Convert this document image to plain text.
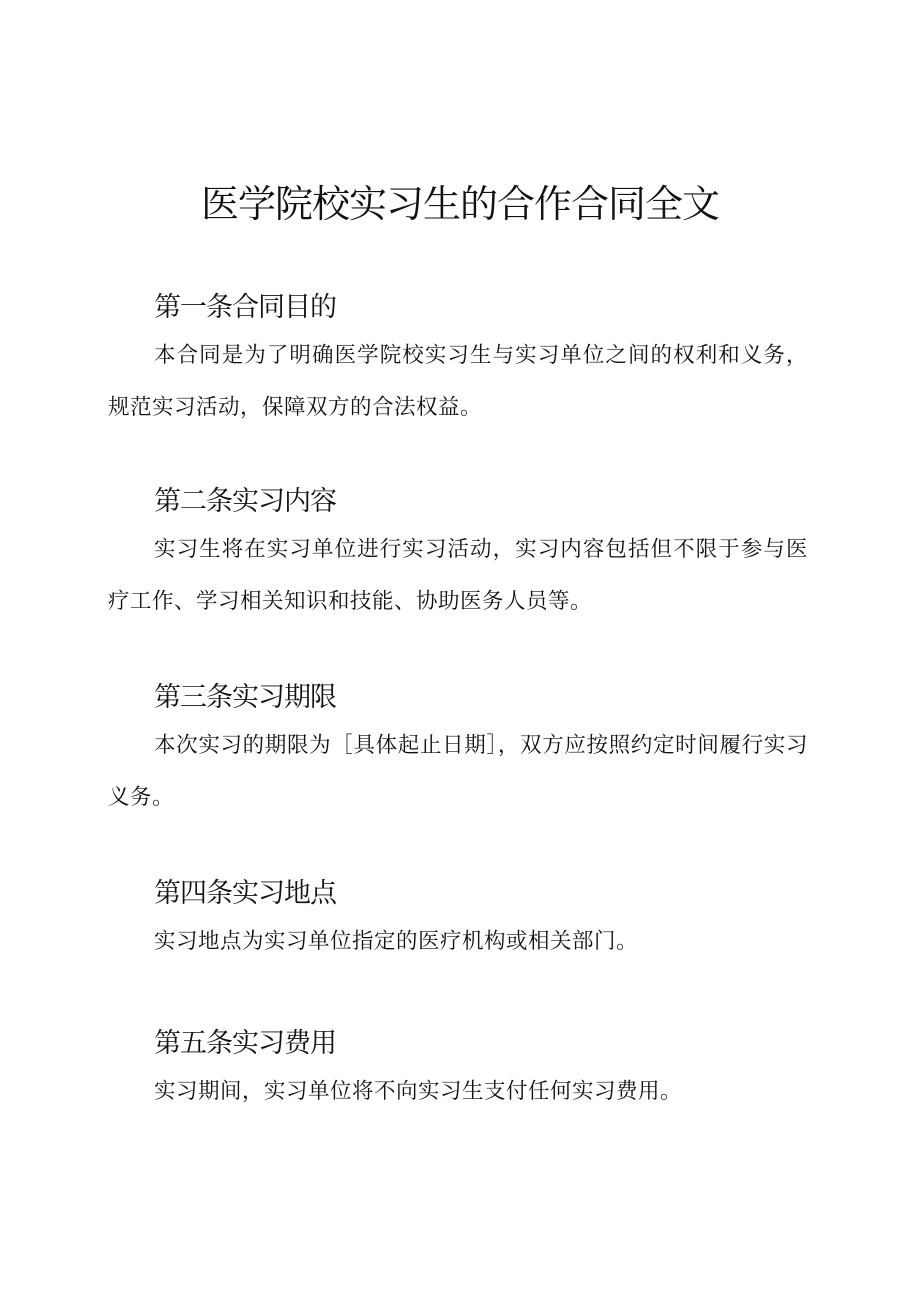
医学院校实习生的合作合同全文
第一条合同目的

本合同是为了明确医学院校实习生与实习单位之间的权利和义务，规范实习活动，保障双方的合法权益。

第二条实习内容

实习生将在实习单位进行实习活动，实习内容包括但不限于参与医疗工作、学习相关知识和技能、协助医务人员等。

第三条实习期限

本次实习的期限为［具体起止日期］，双方应按照约定时间履行实习义务。

第四条实习地点

实习地点为实习单位指定的医疗机构或相关部门。

第五条实习费用

实习期间，实习单位将不向实习生支付任何实习费用。
